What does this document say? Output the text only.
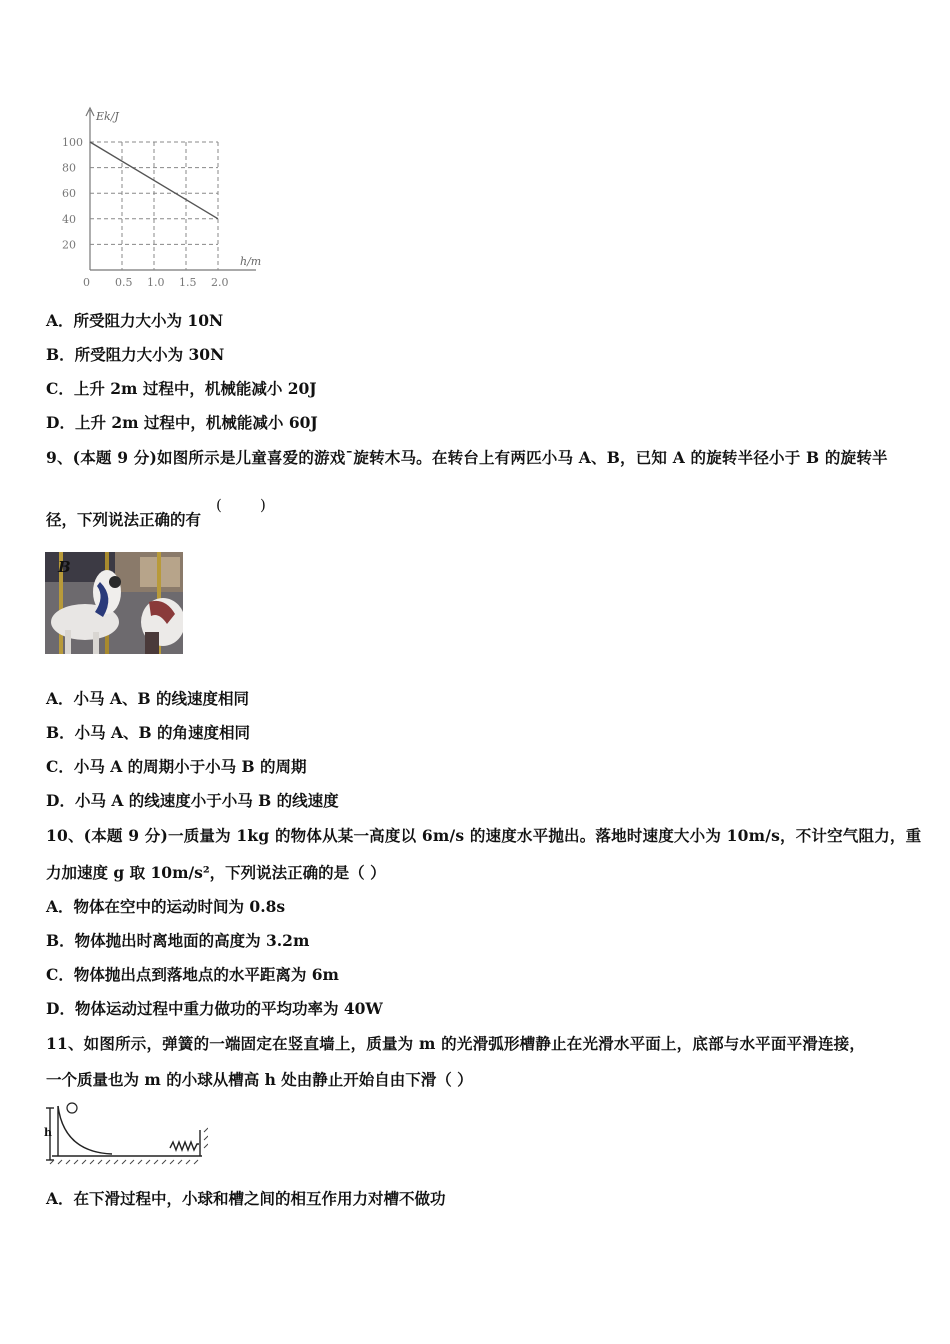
0 0.5 1.0 1.5 2.0
100
80
60
40
20
Ek/J
h/m
A．所受阻力大小为 10N
B．所受阻力大小为 30N
C．上升 2m 过程中，机械能减小 20J
D．上升 2m 过程中，机械能减小 60J
9、(本题 9 分)如图所示是儿童喜爱的游戏ˉ旋转木马。在转台上有两匹小马 A、B，已知 A 的旋转半径小于 B 的旋转半
径，下列说法正确的有
(        )
B
A．小马 A、B 的线速度相同
B．小马 A、B 的角速度相同
C．小马 A 的周期小于小马 B 的周期
D．小马 A 的线速度小于小马 B 的线速度
10、(本题 9 分)一质量为 1kg 的物体从某一高度以 6m/s 的速度水平抛出。落地时速度大小为 10m/s，不计空气阻力，重
力加速度 g 取 10m/s²，下列说法正确的是（ ）
A．物体在空中的运动时间为 0.8s
B．物体抛出时离地面的高度为 3.2m
C．物体抛出点到落地点的水平距离为 6m
D．物体运动过程中重力做功的平均功率为 40W
11、如图所示，弹簧的一端固定在竖直墙上，质量为 m 的光滑弧形槽静止在光滑水平面上，底部与水平面平滑连接，
一个质量也为 m 的小球从槽高 h 处由静止开始自由下滑（ ）
h
A．在下滑过程中，小球和槽之间的相互作用力对槽不做功
